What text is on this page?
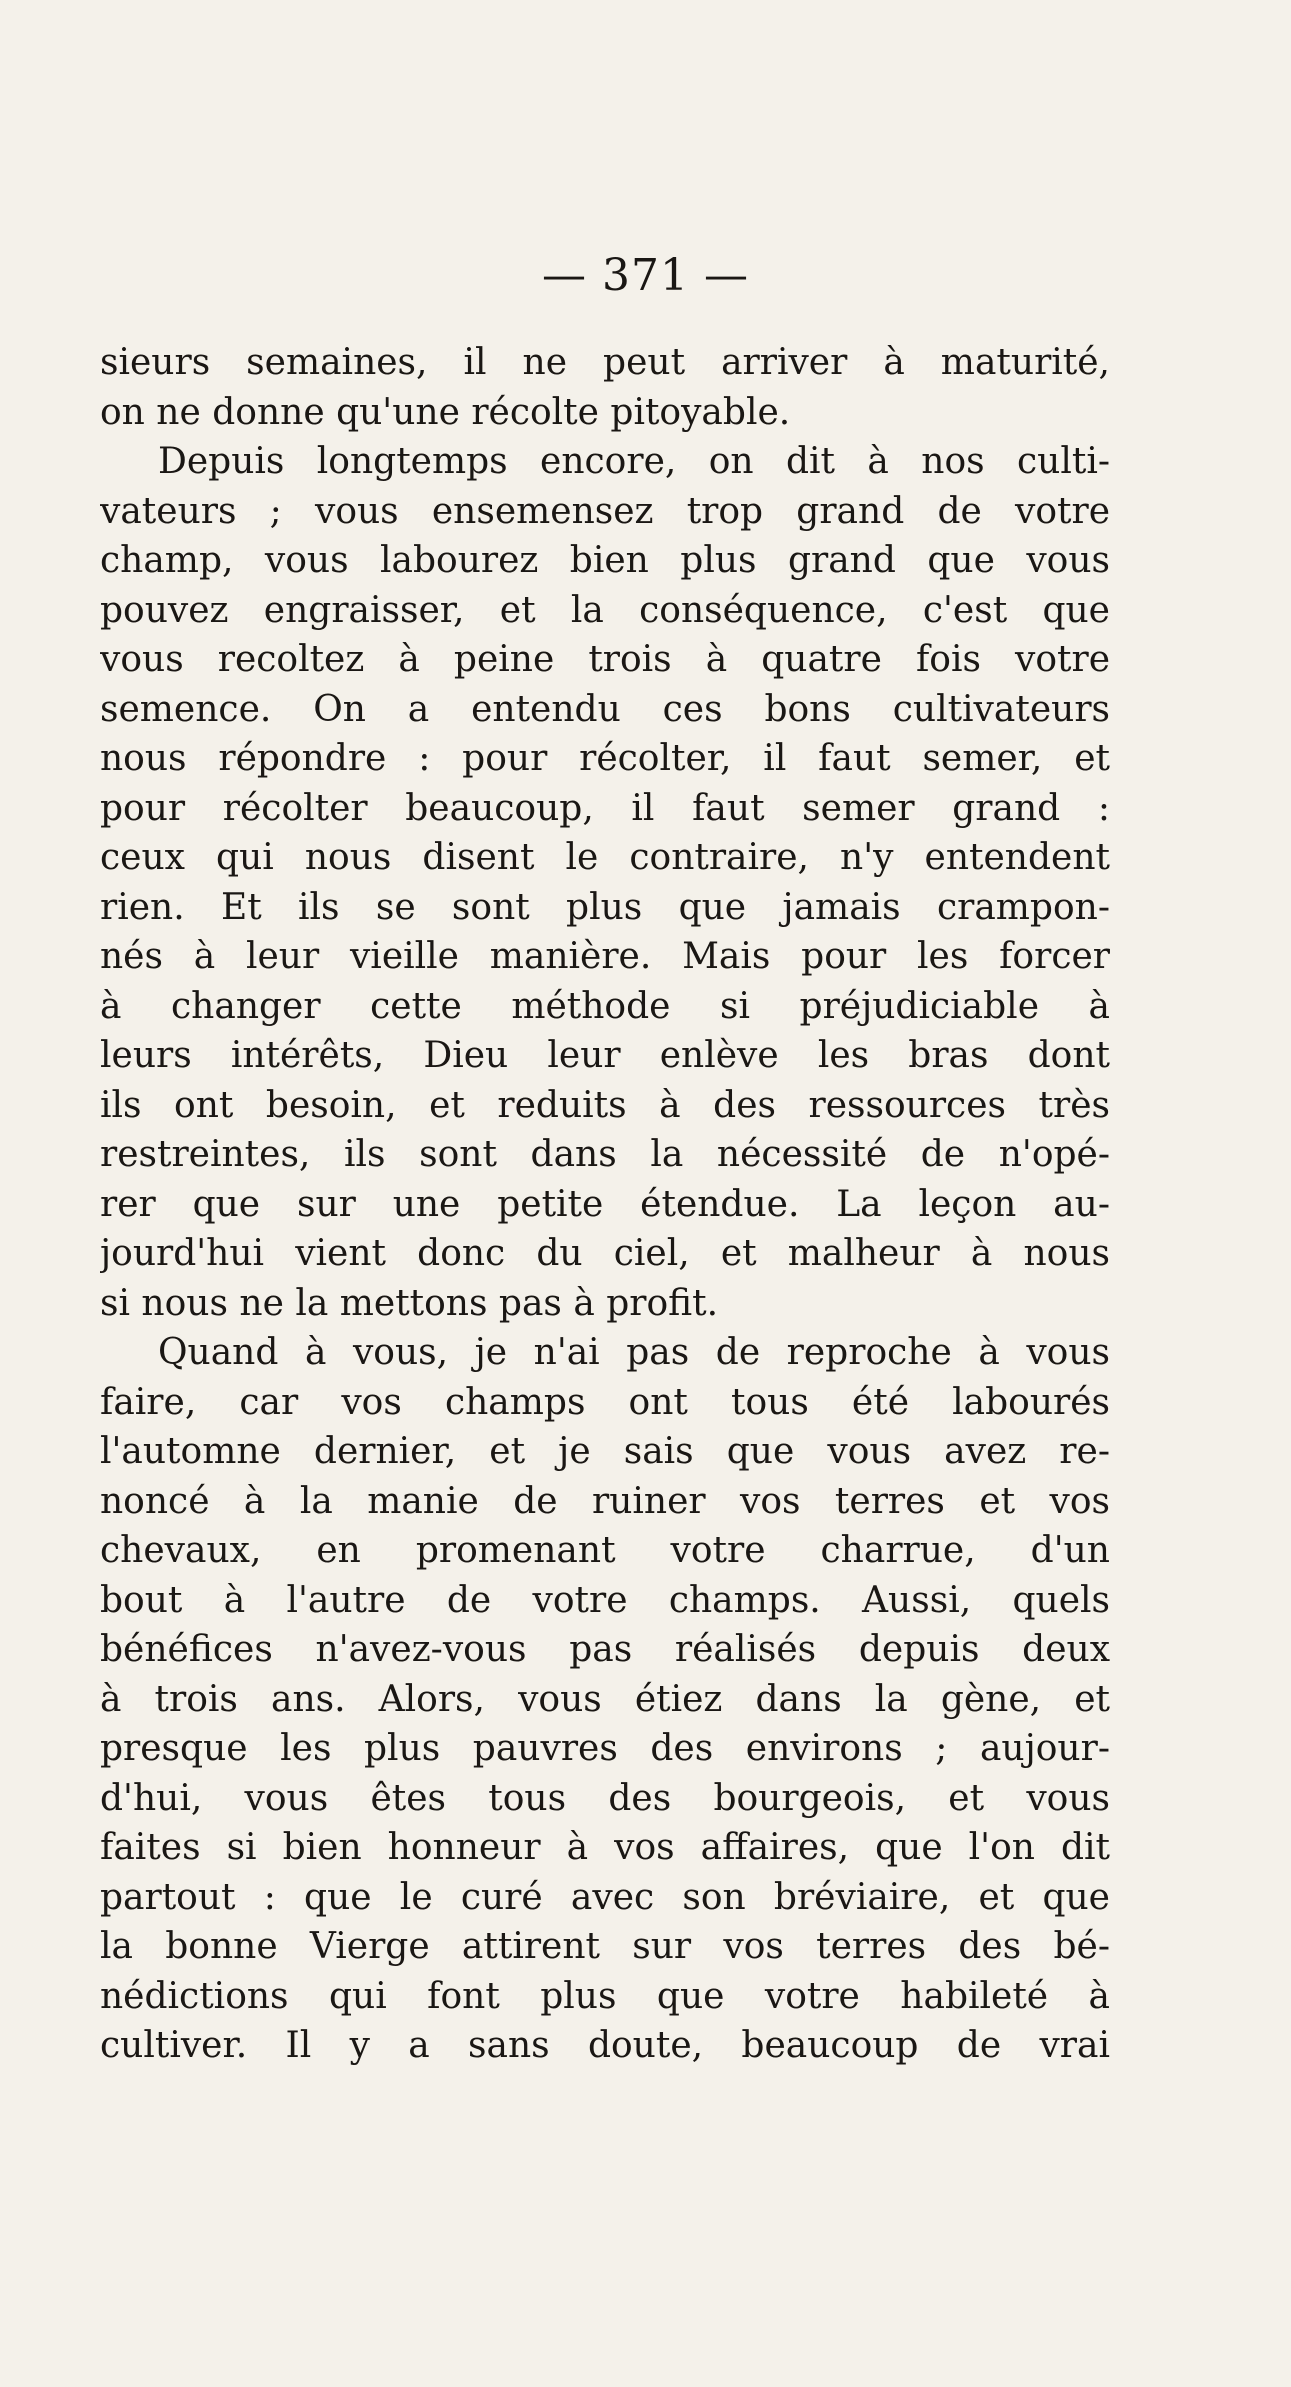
— 371 —
sieurs semaines, il ne peut arriver à maturité,
on ne donne qu'une récolte pitoyable.
Depuis longtemps encore, on dit à nos culti-
vateurs ; vous ensemensez trop grand de votre
champ, vous labourez bien plus grand que vous
pouvez engraisser, et la conséquence, c'est que
vous recoltez à peine trois à quatre fois votre
semence. On a entendu ces bons cultivateurs
nous répondre : pour récolter, il faut semer, et
pour récolter beaucoup, il faut semer grand :
ceux qui nous disent le contraire, n'y entendent
rien. Et ils se sont plus que jamais crampon-
nés à leur vieille manière. Mais pour les forcer
à changer cette méthode si préjudiciable à
leurs intérêts, Dieu leur enlève les bras dont
ils ont besoin, et reduits à des ressources très
restreintes, ils sont dans la nécessité de n'opé-
rer que sur une petite étendue. La leçon au-
jourd'hui vient donc du ciel, et malheur à nous
si nous ne la mettons pas à profit.
Quand à vous, je n'ai pas de reproche à vous
faire, car vos champs ont tous été labourés
l'automne dernier, et je sais que vous avez re-
noncé à la manie de ruiner vos terres et vos
chevaux, en promenant votre charrue, d'un
bout à l'autre de votre champs. Aussi, quels
bénéfices n'avez-vous pas réalisés depuis deux
à trois ans. Alors, vous étiez dans la gène, et
presque les plus pauvres des environs ; aujour-
d'hui, vous êtes tous des bourgeois, et vous
faites si bien honneur à vos affaires, que l'on dit
partout : que le curé avec son bréviaire, et que
la bonne Vierge attirent sur vos terres des bé-
nédictions qui font plus que votre habileté à
cultiver. Il y a sans doute, beaucoup de vrai
